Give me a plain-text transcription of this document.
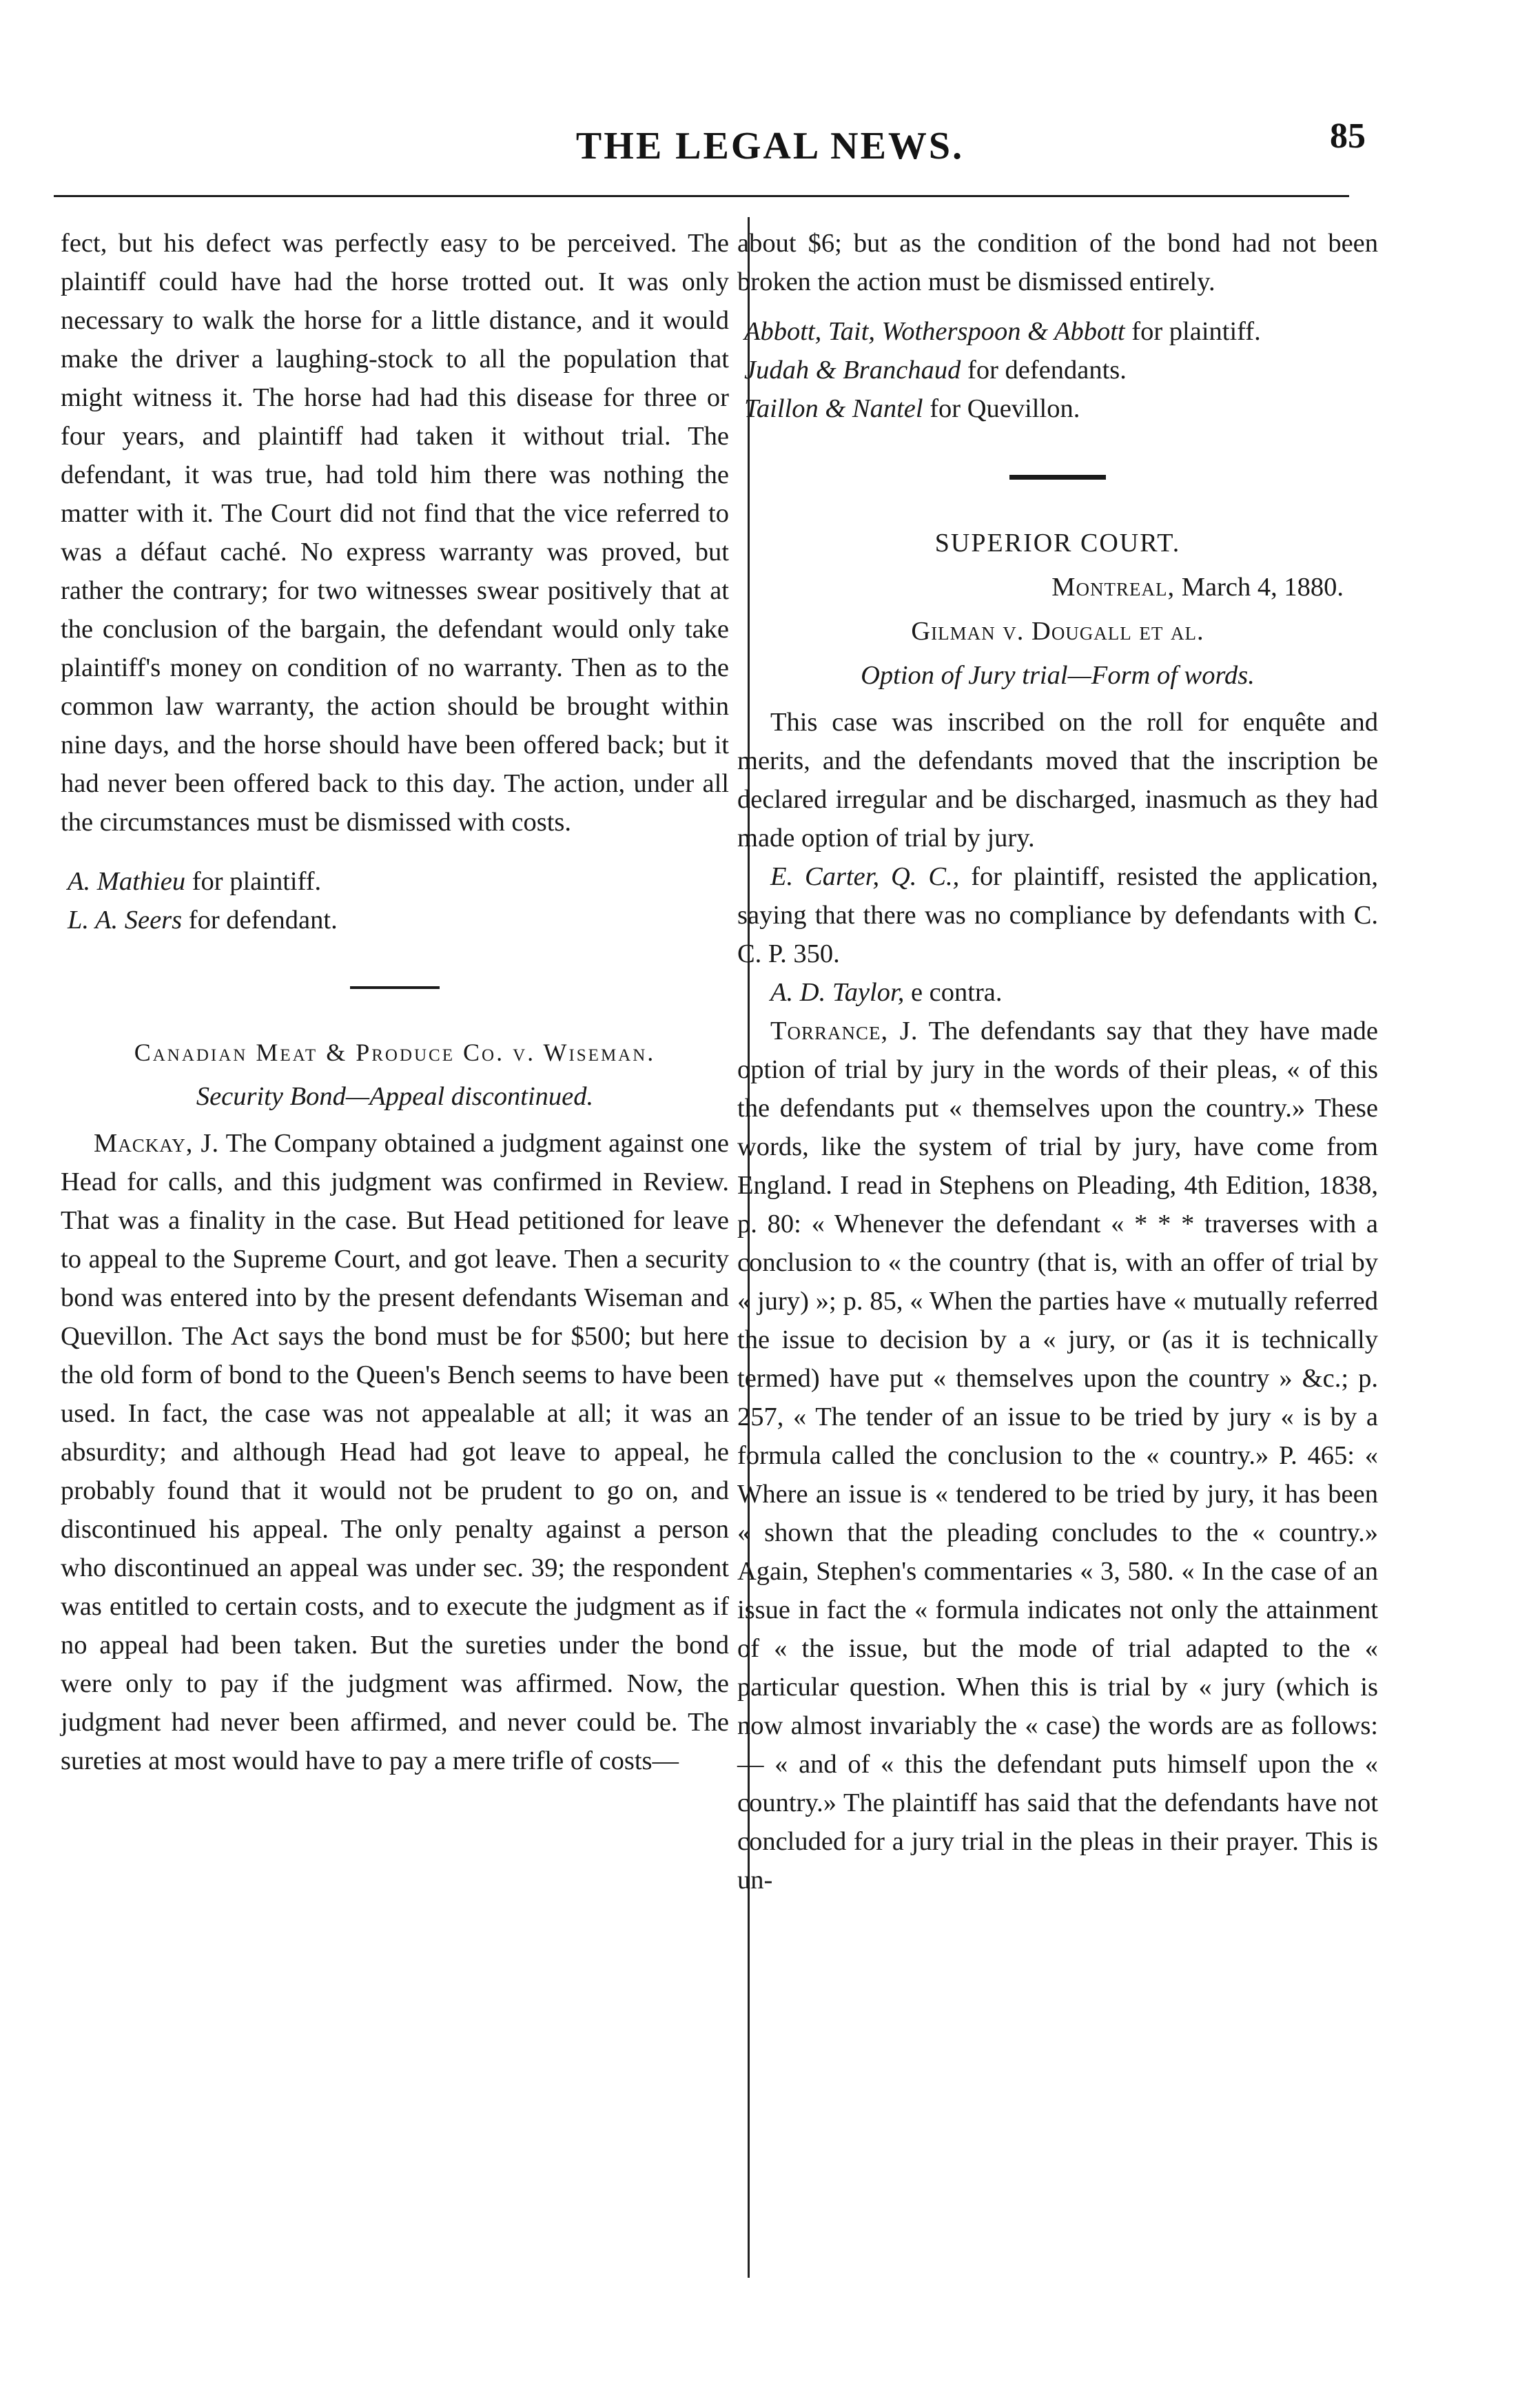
THE LEGAL NEWS.	85

fect, but his defect was perfectly easy to be perceived. The plaintiff could have had the horse trotted out. It was only necessary to walk the horse for a little distance, and it would make the driver a laughing-stock to all the population that might witness it. The horse had had this disease for three or four years, and plaintiff had taken it without trial. The defendant, it was true, had told him there was nothing the matter with it. The Court did not find that the vice referred to was a défaut caché. No express warranty was proved, but rather the contrary; for two witnesses swear positively that at the conclusion of the bargain, the defendant would only take plaintiff's money on condition of no warranty. Then as to the common law warranty, the action should be brought within nine days, and the horse should have been offered back; but it had never been offered back to this day. The action, under all the circumstances must be dismissed with costs.

A. Mathieu for plaintiff.
L. A. Seers for defendant.
Canadian Meat & Produce Co. v. Wiseman.
Security Bond—Appeal discontinued.

Mackay, J. The Company obtained a judgment against one Head for calls, and this judgment was confirmed in Review. That was a finality in the case. But Head petitioned for leave to appeal to the Supreme Court, and got leave. Then a security bond was entered into by the present defendants Wiseman and Quevillon. The Act says the bond must be for $500; but here the old form of bond to the Queen's Bench seems to have been used. In fact, the case was not appealable at all; it was an absurdity; and although Head had got leave to appeal, he probably found that it would not be prudent to go on, and discontinued his appeal. The only penalty against a person who discontinued an appeal was under sec. 39; the respondent was entitled to certain costs, and to execute the judgment as if no appeal had been taken. But the sureties under the bond were only to pay if the judgment was affirmed. Now, the judgment had never been affirmed, and never could be. The sureties at most would have to pay a mere trifle of costs—

about $6; but as the condition of the bond had not been broken the action must be dismissed entirely.

Abbott, Tait, Wotherspoon & Abbott for plaintiff.
Judah & Branchaud for defendants.
Taillon & Nantel for Quevillon.
SUPERIOR COURT.
Montreal, March 4, 1880.
Gilman v. Dougall et al.
Option of Jury trial—Form of words.

This case was inscribed on the roll for enquête and merits, and the defendants moved that the inscription be declared irregular and be discharged, inasmuch as they had made option of trial by jury.

E. Carter, Q. C., for plaintiff, resisted the application, saying that there was no compliance by defendants with C. C. P. 350.

A. D. Taylor, e contra.

Torrance, J. The defendants say that they have made option of trial by jury in the words of their pleas, « of this the defendants put « themselves upon the country.» These words, like the system of trial by jury, have come from England. I read in Stephens on Pleading, 4th Edition, 1838, p. 80: « Whenever the defendant « * * * traverses with a conclusion to « the country (that is, with an offer of trial by « jury) »; p. 85, « When the parties have « mutually referred the issue to decision by a « jury, or (as it is technically termed) have put « themselves upon the country » &c.; p. 257, « The tender of an issue to be tried by jury « is by a formula called the conclusion to the « country.» P. 465: « Where an issue is « tendered to be tried by jury, it has been « shown that the pleading concludes to the « country.» Again, Stephen's commentaries « 3, 580. « In the case of an issue in fact the « formula indicates not only the attainment of « the issue, but the mode of trial adapted to the « particular question. When this is trial by « jury (which is now almost invariably the « case) the words are as follows: — « and of « this the defendant puts himself upon the « country.» The plaintiff has said that the defendants have not concluded for a jury trial in the pleas in their prayer. This is un-
